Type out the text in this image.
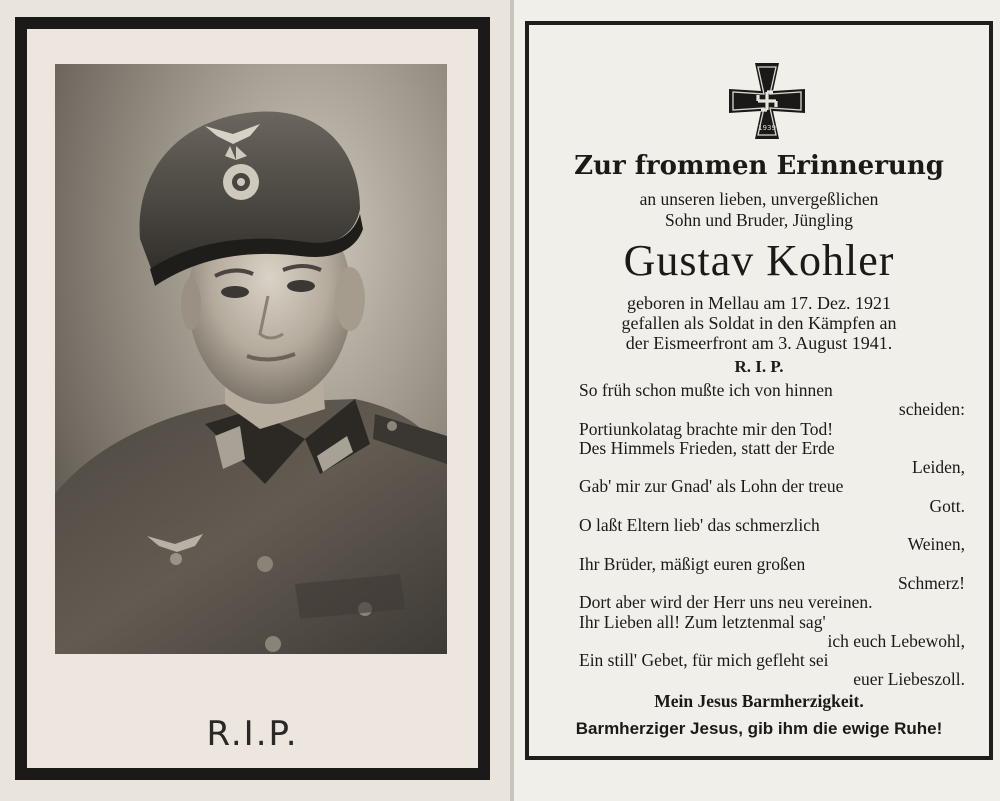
R.I.P.
1939
Zur frommen Erinnerung
an unseren lieben, unvergeßlichen
Sohn und Bruder, Jüngling
Gustav Kohler
geboren in Mellau am 17. Dez. 1921
gefallen als Soldat in den Kämpfen an
der Eismeerfront am 3. August 1941.
R. I. P.
So früh schon mußte ich von hinnen
scheiden:
Portiunkolatag brachte mir den Tod!
Des Himmels Frieden, statt der Erde
Leiden,
Gab' mir zur Gnad' als Lohn der treue
Gott.
O laßt Eltern lieb' das schmerzlich
Weinen,
Ihr Brüder, mäßigt euren großen
Schmerz!
Dort aber wird der Herr uns neu vereinen.
Ihr Lieben all! Zum letztenmal sag'
ich euch Lebewohl,
Ein still' Gebet, für mich gefleht sei
euer Liebeszoll.
Mein Jesus Barmherzigkeit.
Barmherziger Jesus, gib ihm die ewige Ruhe!
